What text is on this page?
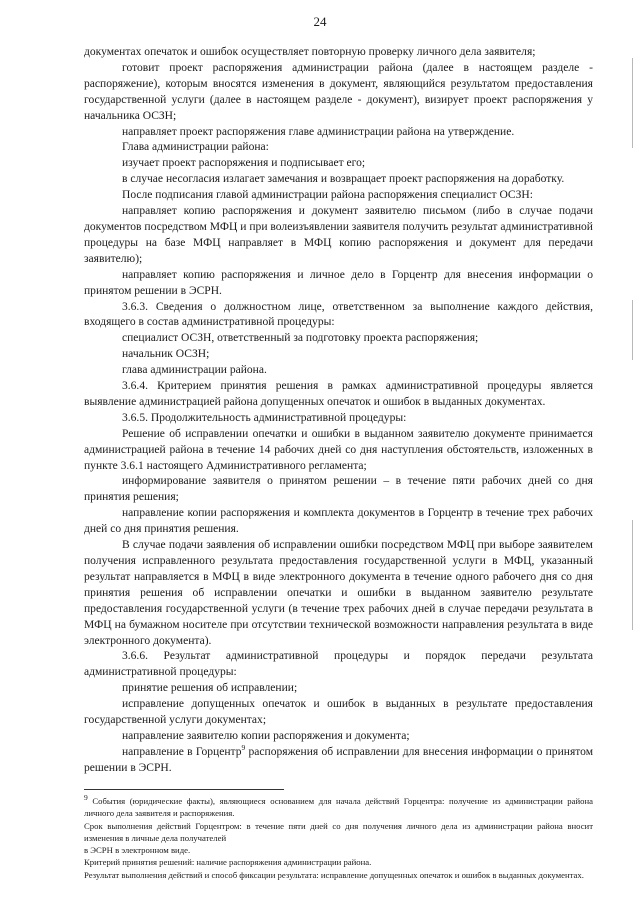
24

документах опечаток и ошибок осуществляет повторную проверку личного дела заявителя;

готовит проект распоряжения администрации района (далее в настоящем разделе - распоряжение), которым вносятся изменения в документ, являющийся результатом предоставления государственной услуги (далее в настоящем разделе - документ), визирует проект распоряжения у начальника ОСЗН;

направляет проект распоряжения главе администрации района на утверждение.

Глава администрации района:

изучает проект распоряжения и подписывает его;

в случае несогласия излагает замечания и возвращает проект распоряжения на доработку.

После подписания главой администрации района распоряжения специалист ОСЗН:

направляет копию распоряжения и документ заявителю письмом (либо в случае подачи документов посредством МФЦ и при волеизъявлении заявителя получить результат административной процедуры на базе МФЦ направляет в МФЦ копию распоряжения и документ для передачи заявителю);

направляет копию распоряжения и личное дело в Горцентр для внесения информации о принятом решении в ЭСРН.

3.6.3. Сведения о должностном лице, ответственном за выполнение каждого действия, входящего в состав административной процедуры:

специалист ОСЗН, ответственный за подготовку проекта распоряжения;

начальник ОСЗН;

глава администрации района.

3.6.4. Критерием принятия решения в рамках административной процедуры является выявление администрацией района допущенных опечаток и ошибок в выданных документах.

3.6.5. Продолжительность административной процедуры:

Решение об исправлении опечатки и ошибки в выданном заявителю документе принимается администрацией района в течение 14 рабочих дней со дня наступления обстоятельств, изложенных в пункте 3.6.1 настоящего Административного регламента;

информирование заявителя о принятом решении – в течение пяти рабочих дней со дня принятия решения;

направление копии распоряжения и комплекта документов в Горцентр в течение трех рабочих дней со дня принятия решения.

В случае подачи заявления об исправлении ошибки посредством МФЦ при выборе заявителем получения исправленного результата предоставления государственной услуги в МФЦ, указанный результат направляется в МФЦ в виде электронного документа в течение одного рабочего дня со дня принятия решения об исправлении опечатки и ошибки в выданном заявителю результате предоставления государственной услуги (в течение трех рабочих дней в случае передачи результата в МФЦ на бумажном носителе при отсутствии технической возможности направления результата в виде электронного документа).

3.6.6. Результат административной процедуры и порядок передачи результата административной процедуры:

принятие решения об исправлении;

исправление допущенных опечаток и ошибок в выданных в результате предоставления государственной услуги документах;

направление заявителю копии распоряжения и документа;

направление в Горцентр$^9$ распоряжения об исправлении для внесения информации о принятом решении в ЭСРН.

$^9$ События (юридические факты), являющиеся основанием для начала действий Горцентра: получение из администрации района личного дела заявителя и распоряжения.

Срок выполнения действий Горцентром: в течение пяти дней со дня получения личного дела из администрации района вносит изменения в личные дела получателей

в ЭСРН в электронном виде.

Критерий принятия решений: наличие распоряжения администрации района.

Результат выполнения действий и способ фиксации результата: исправление допущенных опечаток и ошибок в выданных документах.
